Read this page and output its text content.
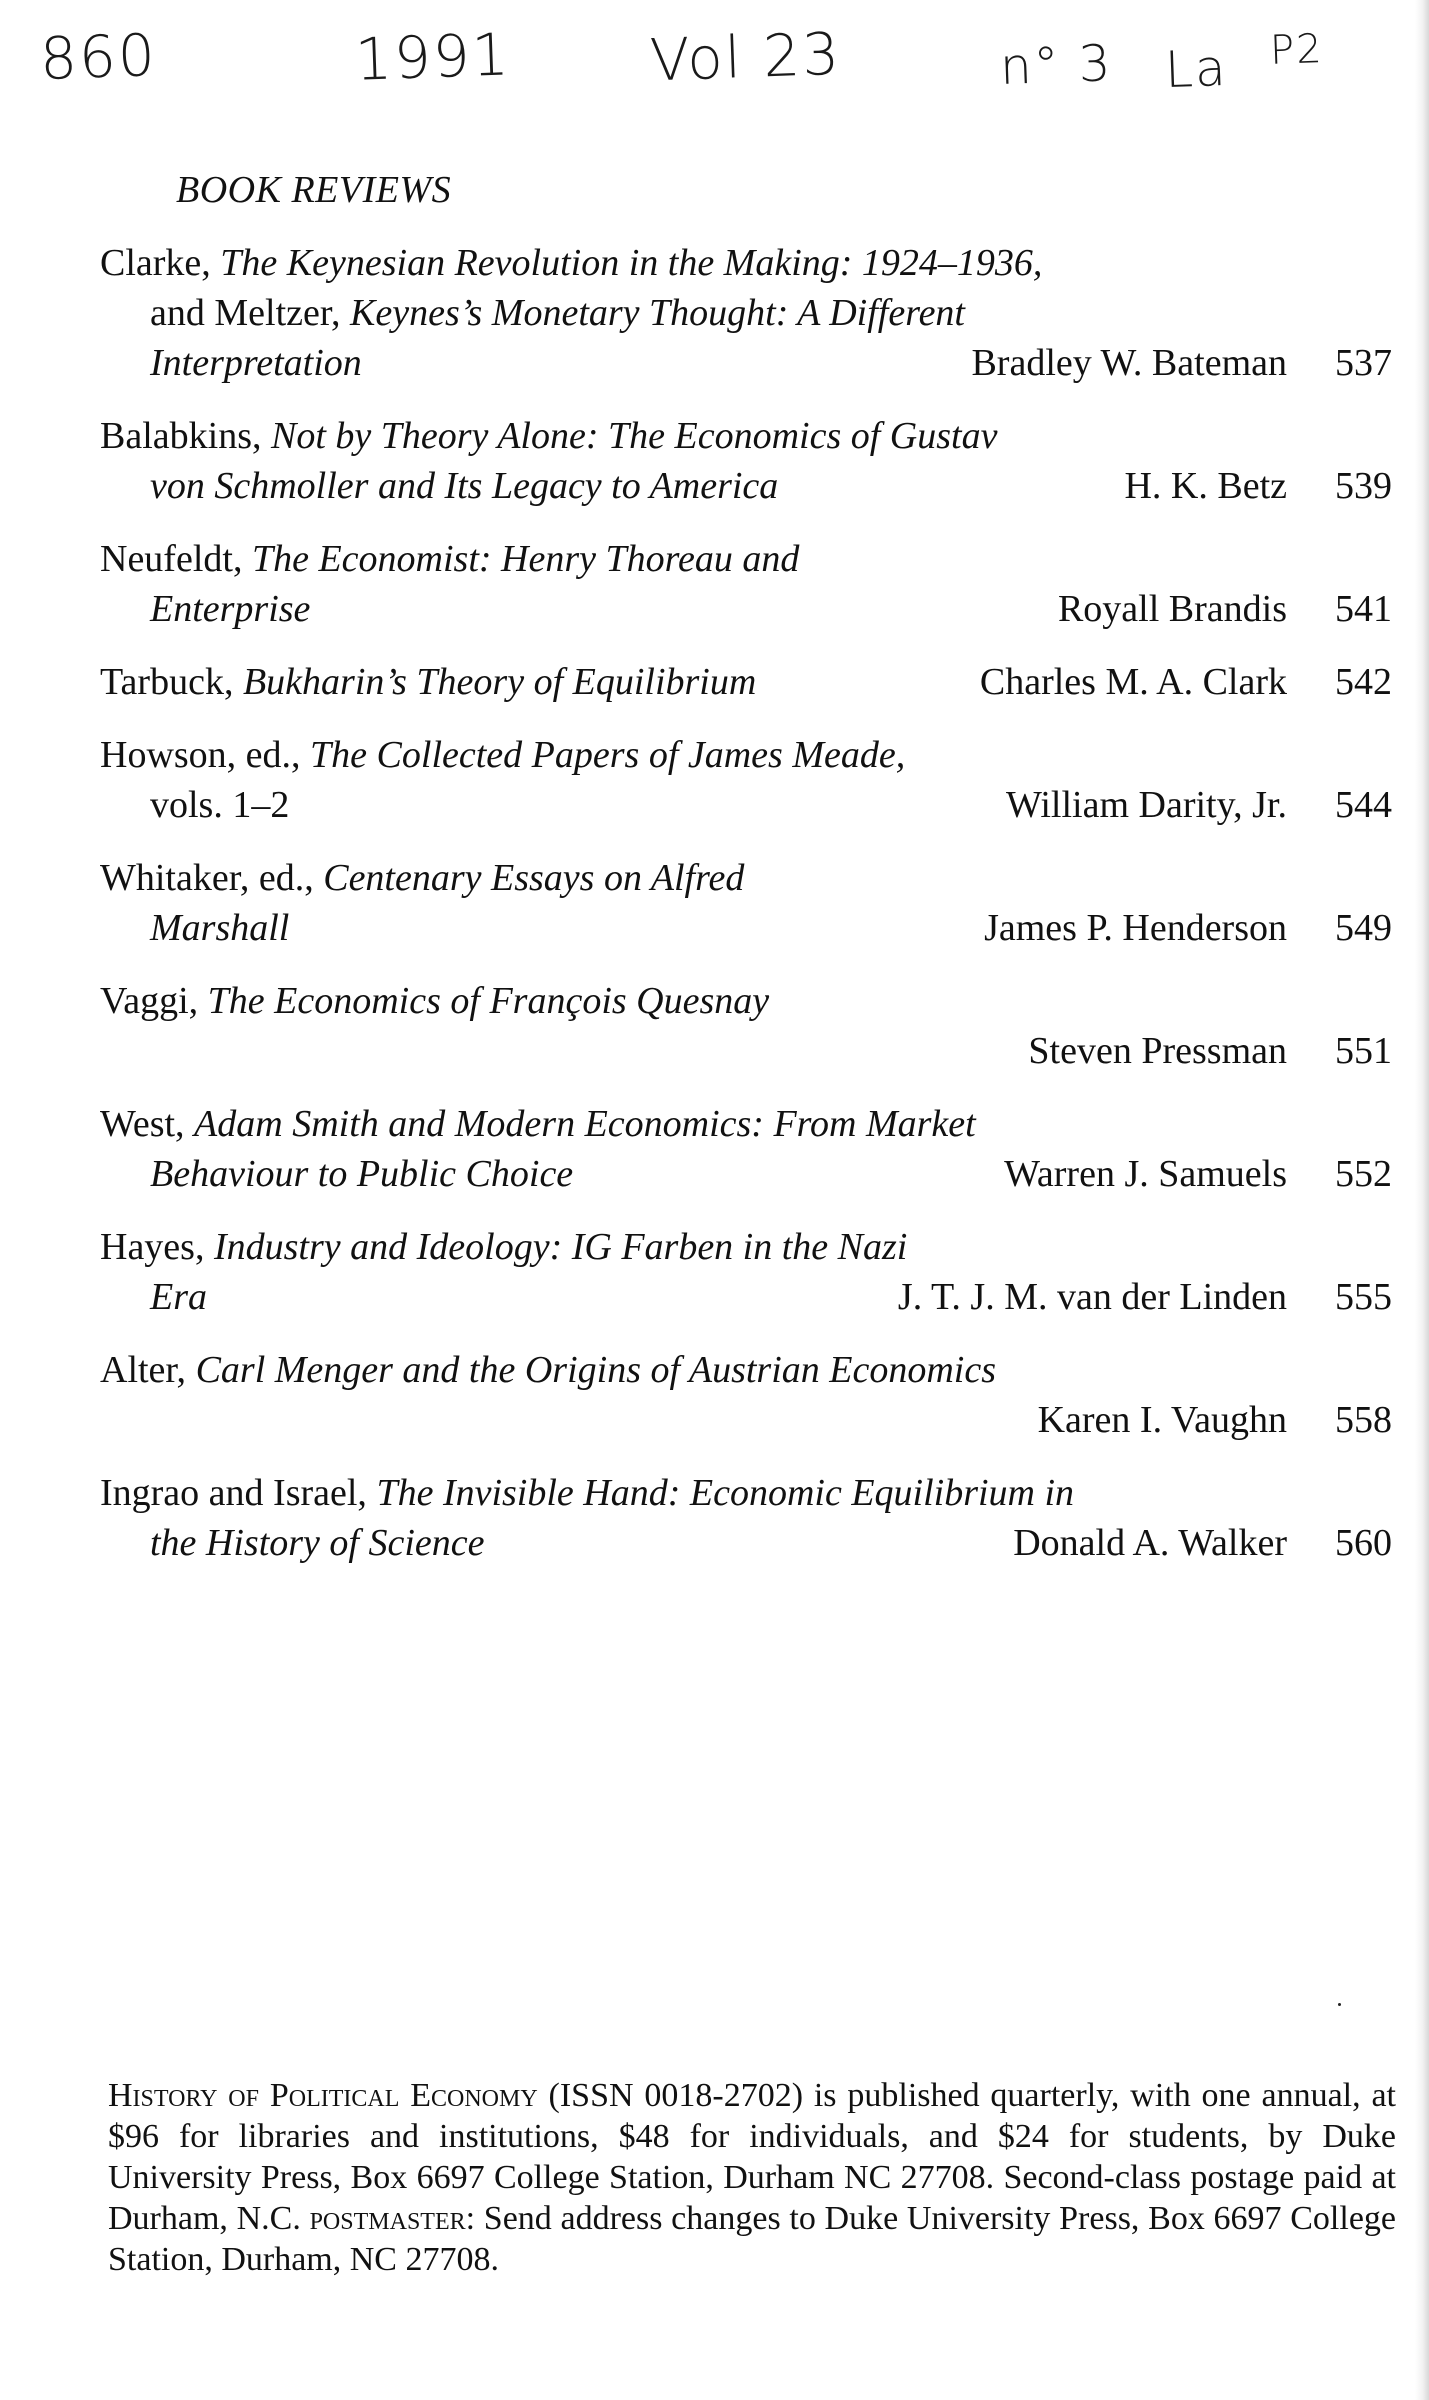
860	1991 Vol 23	n° 3 La P2
BOOK REVIEWS
Clarke, The Keynesian Revolution in the Making: 1924–1936,
and Meltzer, Keynes’s Monetary Thought: A Different
Interpretation	Bradley W. Bateman	537
Balabkins, Not by Theory Alone: The Economics of Gustav
von Schmoller and Its Legacy to America	H. K. Betz	539
Neufeldt, The Economist: Henry Thoreau and
Enterprise	Royall Brandis	541
Tarbuck, Bukharin’s Theory of Equilibrium	Charles M. A. Clark	542
Howson, ed., The Collected Papers of James Meade,
vols. 1–2	William Darity, Jr.	544
Whitaker, ed., Centenary Essays on Alfred
Marshall	James P. Henderson	549
Vaggi, The Economics of François Quesnay
Steven Pressman	551
West, Adam Smith and Modern Economics: From Market
Behaviour to Public Choice	Warren J. Samuels	552
Hayes, Industry and Ideology: IG Farben in the Nazi
Era	J. T. J. M. van der Linden	555
Alter, Carl Menger and the Origins of Austrian Economics
Karen I. Vaughn	558
Ingrao and Israel, The Invisible Hand: Economic Equilibrium in
the History of Science	Donald A. Walker	560
History of Political Economy (ISSN 0018-2702) is published quarterly, with one annual, at $96 for libraries and institutions, $48 for individuals, and $24 for students, by Duke University Press, Box 6697 College Station, Durham NC 27708. Second-class postage paid at Durham, N.C. postmaster: Send address changes to Duke University Press, Box 6697 College Station, Durham, NC 27708.
